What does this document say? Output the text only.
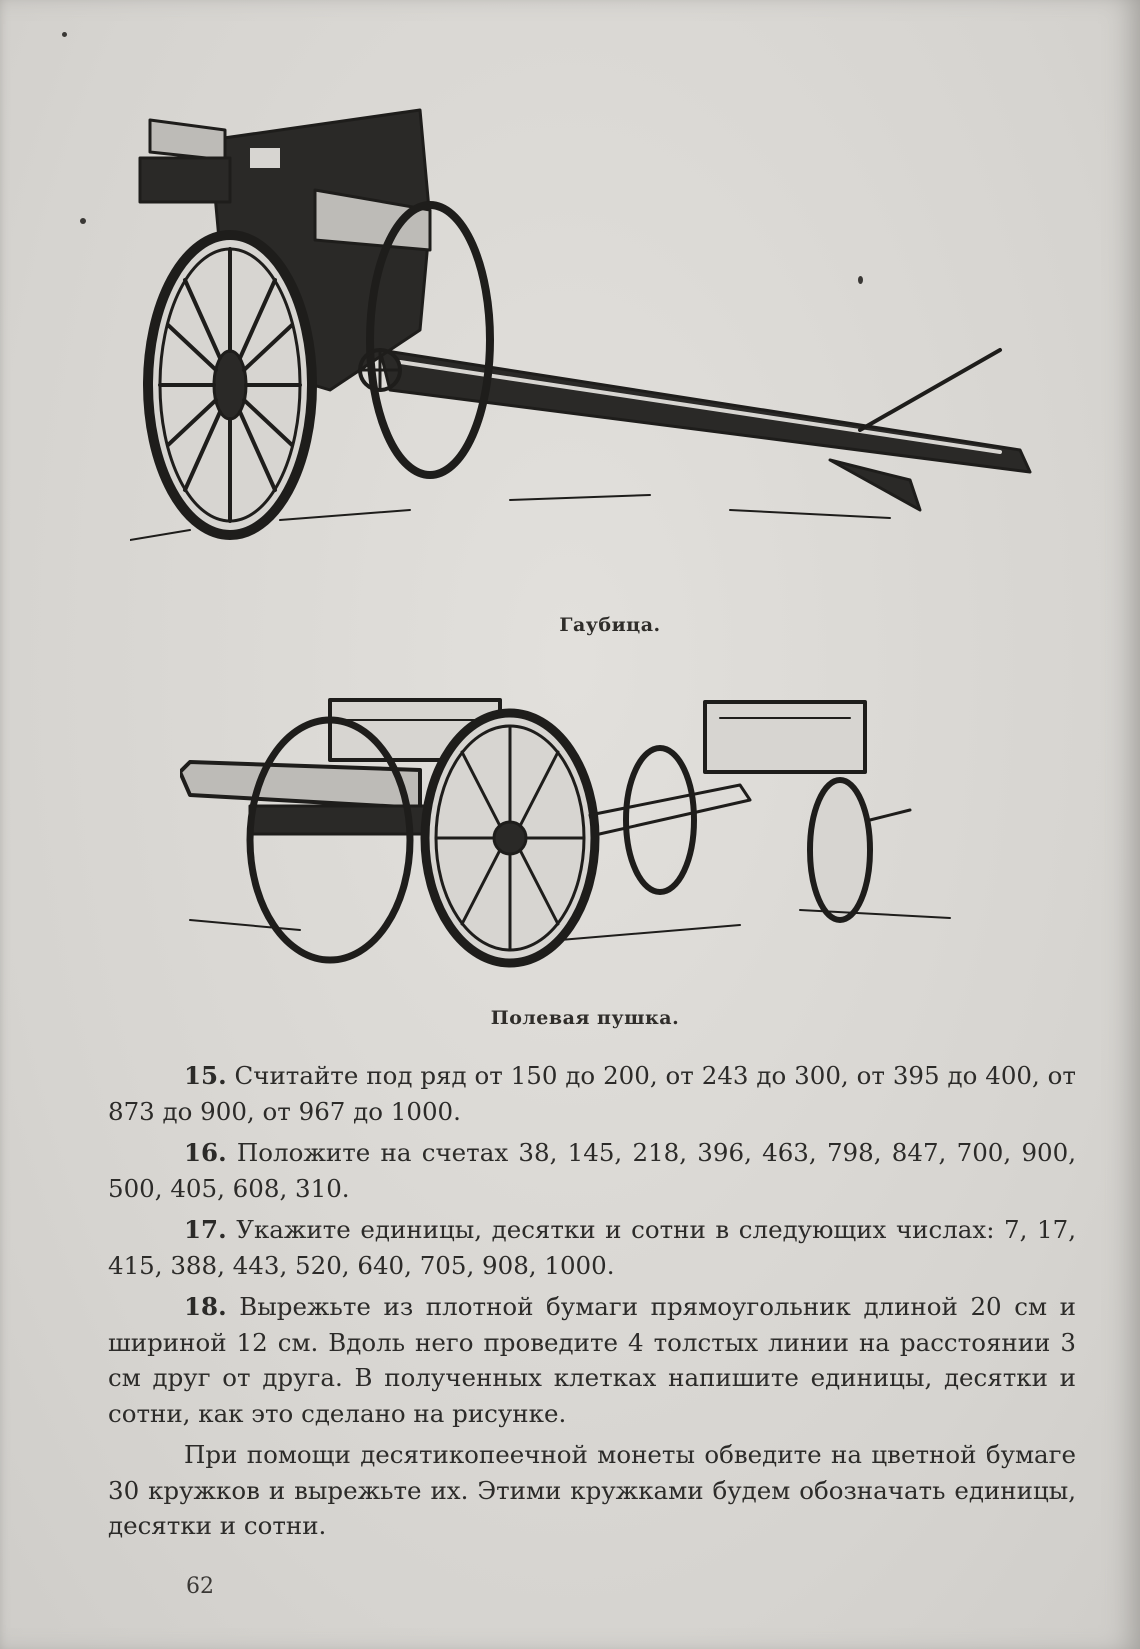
Гаубица.
Полевая пушка.

15. Считайте под ряд от 150 до 200, от 243 до 300, от 395 до 400, от 873 до 900, от 967 до 1000.

16. Положите на счетах 38, 145, 218, 396, 463, 798, 847, 700, 900, 500, 405, 608, 310.

17. Укажите единицы, десятки и сотни в следующих числах: 7, 17, 415, 388, 443, 520, 640, 705, 908, 1000.

18. Вырежьте из плотной бумаги прямоугольник длиной 20 см и шириной 12 см. Вдоль него проведите 4 толстых линии на расстоянии 3 см друг от друга. В полученных клетках напишите единицы, десятки и сотни, как это сделано на рисунке.

При помощи десятикопеечной монеты обведите на цветной бумаге 30 кружков и вырежьте их. Этими кружками будем обозначать единицы, десятки и сотни.

62
